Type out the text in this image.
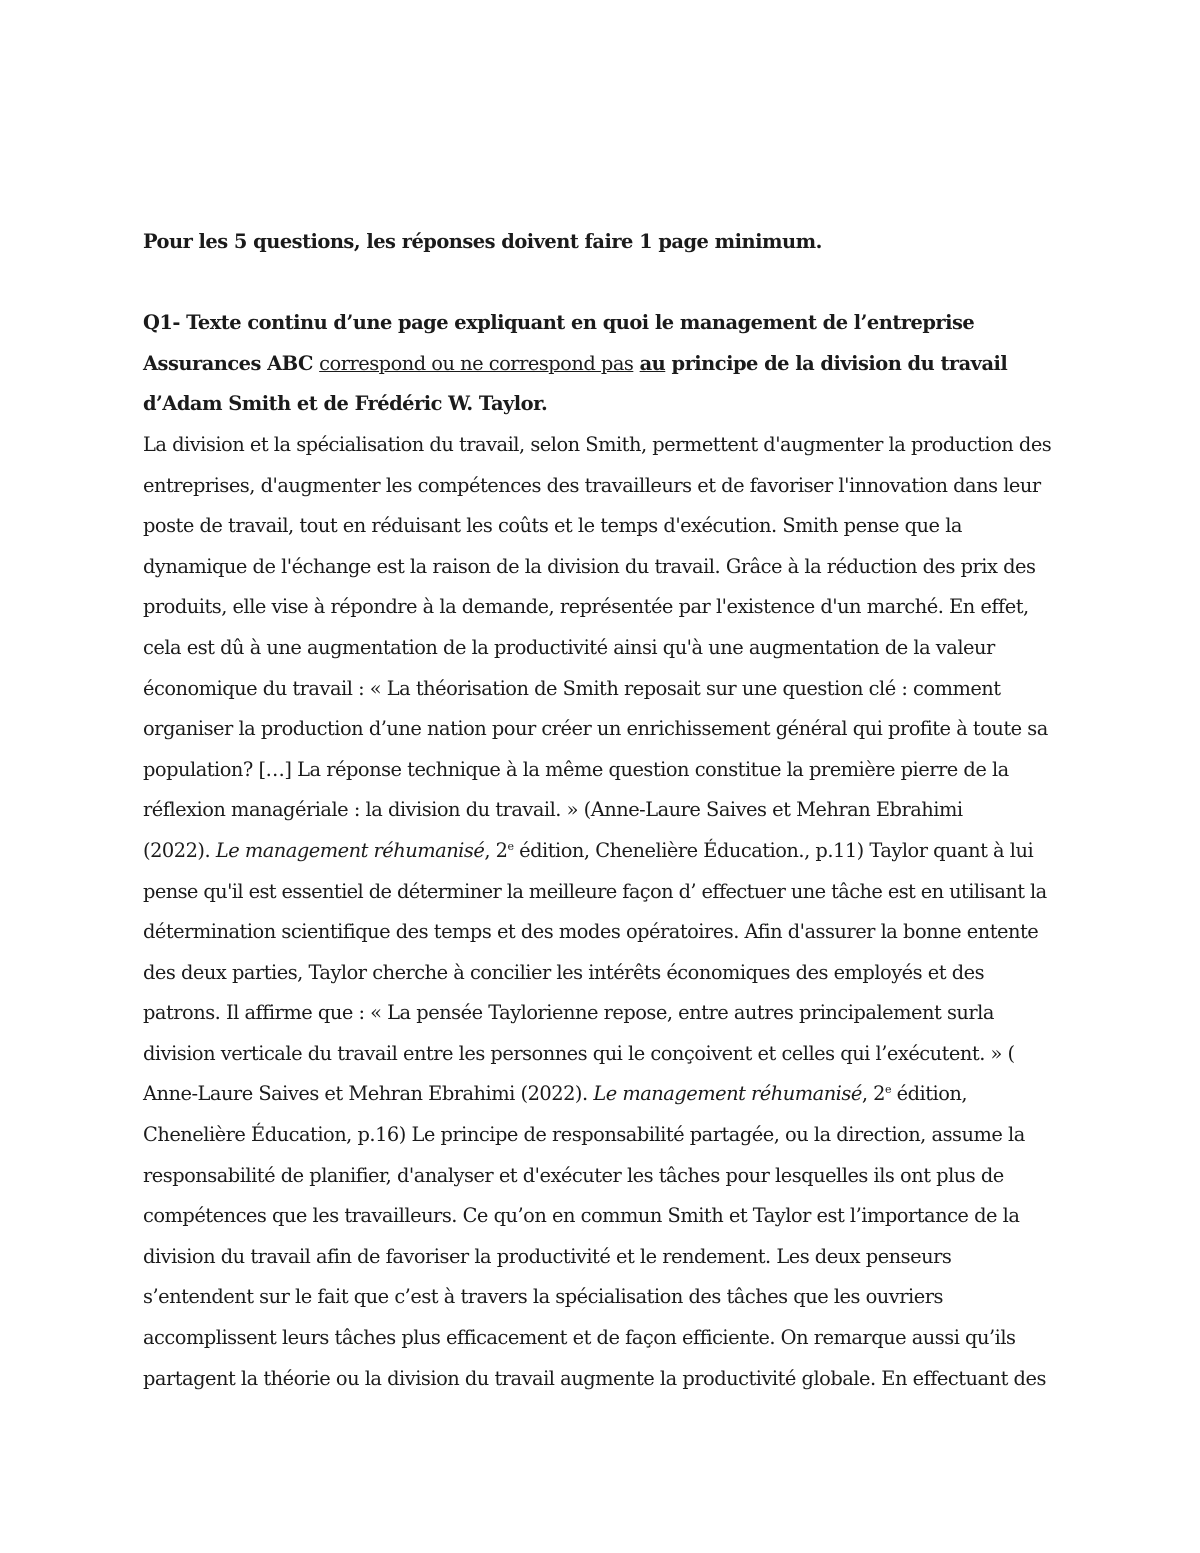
Pour les 5 questions, les réponses doivent faire 1 page minimum.

Q1- Texte continu d’une page expliquant en quoi le management de l’entreprise
Assurances ABC correspond ou ne correspond pas au principe de la division du travail
d’Adam Smith et de Frédéric W. Taylor.

La division et la spécialisation du travail, selon Smith, permettent d'augmenter la production des
entreprises, d'augmenter les compétences des travailleurs et de favoriser l'innovation dans leur
poste de travail, tout en réduisant les coûts et le temps d'exécution. Smith pense que la
dynamique de l'échange est la raison de la division du travail. Grâce à la réduction des prix des
produits, elle vise à répondre à la demande, représentée par l'existence d'un marché. En effet,
cela est dû à une augmentation de la productivité ainsi qu'à une augmentation de la valeur
économique du travail : « La théorisation de Smith reposait sur une question clé : comment
organiser la production d’une nation pour créer un enrichissement général qui profite à toute sa
population? […] La réponse technique à la même question constitue la première pierre de la
réflexion managériale : la division du travail. » (Anne-Laure Saives et Mehran Ebrahimi
(2022). Le management réhumanisé, 2e édition, Chenelière Éducation., p.11) Taylor quant à lui
pense qu'il est essentiel de déterminer la meilleure façon d’ effectuer une tâche est en utilisant la
détermination scientifique des temps et des modes opératoires. Afin d'assurer la bonne entente
des deux parties, Taylor cherche à concilier les intérêts économiques des employés et des
patrons. Il affirme que : « La pensée Taylorienne repose, entre autres principalement surla
division verticale du travail entre les personnes qui le conçoivent et celles qui l’exécutent. » (
Anne-Laure Saives et Mehran Ebrahimi (2022). Le management réhumanisé, 2e édition,
Chenelière Éducation, p.16) Le principe de responsabilité partagée, ou la direction, assume la
responsabilité de planifier, d'analyser et d'exécuter les tâches pour lesquelles ils ont plus de
compétences que les travailleurs. Ce qu’on en commun Smith et Taylor est l’importance de la
division du travail afin de favoriser la productivité et le rendement. Les deux penseurs
s’entendent sur le fait que c’est à travers la spécialisation des tâches que les ouvriers
accomplissent leurs tâches plus efficacement et de façon efficiente. On remarque aussi qu’ils
partagent la théorie ou la division du travail augmente la productivité globale. En effectuant des
